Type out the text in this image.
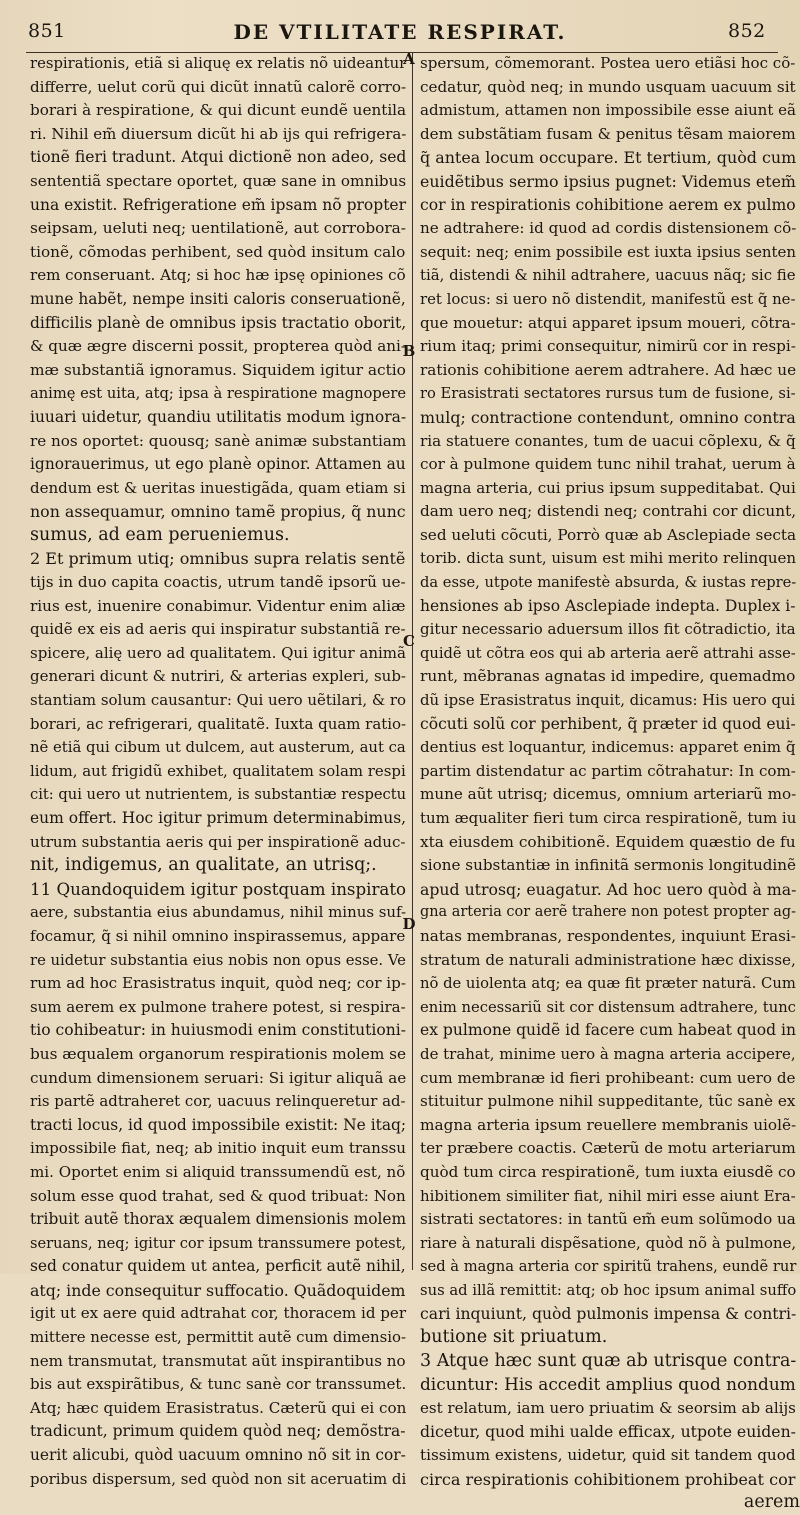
851	DE VTILITATE RESPIRAT.	852
A
B
C
D
respirationis, etiã si aliquę ex relatis nõ uideantur
differre, uelut corũ qui dicũt innatũ calorẽ corro-
borari à respiratione, & qui dicunt eundẽ uentila
ri. Nihil em̃ diuersum dicũt hi ab ijs qui refrigera-
tionẽ fieri tradunt. Atqui dictionẽ non adeo, sed
sententiã spectare oportet, quæ sane in omnibus
una existit. Refrigeratione em̃ ipsam nõ propter
seipsam, ueluti neq; uentilationẽ, aut corrobora-
tionẽ, cõmodas perhibent, sed quòd insitum calo
rem conseruant. Atq; si hoc hæ ipsę opiniones cõ
mune habẽt, nempe insiti caloris conseruationẽ,
difficilis planè de omnibus ipsis tractatio oborit,
& quæ ægre discerni possit, propterea quòd ani-
mæ substantiã ignoramus. Siquidem igitur actio
animę est uita, atq; ipsa à respiratione magnopere
iuuari uidetur, quandiu utilitatis modum ignora-
re nos oportet: quousq; sanè animæ substantiam
ignorauerimus, ut ego planè opinor. Attamen au
dendum est & ueritas inuestigãda, quam etiam si
non assequamur, omnino tamẽ propius, q̃ nunc
sumus, ad eam perueniemus.
2 Et primum utiq; omnibus supra relatis sentẽ
tijs in duo capita coactis, utrum tandẽ ipsorũ ue-
rius est, inuenire conabimur. Videntur enim aliæ
quidẽ ex eis ad aeris qui inspiratur substantiã re-
spicere, alię uero ad qualitatem. Qui igitur animã
generari dicunt & nutriri, & arterias expleri, sub-
stantiam solum causantur: Qui uero uẽtilari, & ro
borari, ac refrigerari, qualitatẽ. Iuxta quam ratio-
nẽ etiã qui cibum ut dulcem, aut austerum, aut ca
lidum, aut frigidũ exhibet, qualitatem solam respi
cit: qui uero ut nutrientem, is substantiæ respectu
eum offert. Hoc igitur primum determinabimus,
utrum substantia aeris qui per inspirationẽ aduc-
nit, indigemus, an qualitate, an utrisq;.
11 Quandoquidem igitur postquam inspirato
aere, substantia eius abundamus, nihil minus suf-
focamur, q̃ si nihil omnino inspirassemus, appare
re uidetur substantia eius nobis non opus esse. Ve
rum ad hoc Erasistratus inquit, quòd neq; cor ip-
sum aerem ex pulmone trahere potest, si respira-
tio cohibeatur: in huiusmodi enim constitutioni-
bus æqualem organorum respirationis molem se
cundum dimensionem seruari: Si igitur aliquã ae
ris partẽ adtraheret cor, uacuus relinqueretur ad-
tracti locus, id quod impossibile existit: Ne itaq;
impossibile fiat, neq; ab initio inquit eum transsu
mi. Oportet enim si aliquid transsumendũ est, nõ
solum esse quod trahat, sed & quod tribuat: Non
tribuit autẽ thorax æqualem dimensionis molem
seruans, neq; igitur cor ipsum transsumere potest,
sed conatur quidem ut antea, perficit autẽ nihil,
atq; inde consequitur suffocatio. Quãdoquidem
igit ut ex aere quid adtrahat cor, thoracem id per
mittere necesse est, permittit autẽ cum dimensio-
nem transmutat, transmutat aũt inspirantibus no
bis aut exspirãtibus, & tunc sanè cor transsumet.
Atq; hæc quidem Erasistratus. Cæterũ qui ei con
tradicunt, primum quidem quòd neq; demõstra-
uerit alicubi, quòd uacuum omnino nõ sit in cor-
poribus dispersum, sed quòd non sit aceruatim di
spersum, cõmemorant. Postea uero etiãsi hoc cõ-
cedatur, quòd neq; in mundo usquam uacuum sit
admistum, attamen non impossibile esse aiunt eã
dem substãtiam fusam & penitus tẽsam maiorem
q̃ antea locum occupare. Et tertium, quòd cum
euidẽtibus sermo ipsius pugnet: Videmus etem̃
cor in respirationis cohibitione aerem ex pulmo
ne adtrahere: id quod ad cordis distensionem cõ-
sequit: neq; enim possibile est iuxta ipsius senten
tiã, distendi & nihil adtrahere, uacuus nãq; sic fie
ret locus: si uero nõ distendit, manifestũ est q̃ ne-
que mouetur: atqui apparet ipsum moueri, cõtra-
rium itaq; primi consequitur, nimirũ cor in respi-
rationis cohibitione aerem adtrahere. Ad hæc ue
ro Erasistrati sectatores rursus tum de fusione, si-
mulq; contractione contendunt, omnino contra
ria statuere conantes, tum de uacui cõplexu, & q̃
cor à pulmone quidem tunc nihil trahat, uerum à
magna arteria, cui prius ipsum suppeditabat. Qui
dam uero neq; distendi neq; contrahi cor dicunt,
sed ueluti cõcuti, Porrò quæ ab Asclepiade secta
torib. dicta sunt, uisum est mihi merito relinquen
da esse, utpote manifestè absurda, & iustas repre-
hensiones ab ipso Asclepiade indepta. Duplex i-
gitur necessario aduersum illos fit cõtradictio, ita
quidẽ ut cõtra eos qui ab arteria aerẽ attrahi asse-
runt, mẽbranas agnatas id impedire, quemadmo
dũ ipse Erasistratus inquit, dicamus: His uero qui
cõcuti solũ cor perhibent, q̃ præter id quod eui-
dentius est loquantur, indicemus: apparet enim q̃
partim distendatur ac partim cõtrahatur: In com-
mune aũt utrisq; dicemus, omnium arteriarũ mo-
tum æqualiter fieri tum circa respirationẽ, tum iu
xta eiusdem cohibitionẽ. Equidem quæstio de fu
sione substantiæ in infinitã sermonis longitudinẽ
apud utrosq; euagatur. Ad hoc uero quòd à ma-
gna arteria cor aerẽ trahere non potest propter ag-
natas membranas, respondentes, inquiunt Erasi-
stratum de naturali administratione hæc dixisse,
nõ de uiolenta atq; ea quæ fit præter naturã. Cum
enim necessariũ sit cor distensum adtrahere, tunc
ex pulmone quidẽ id facere cum habeat quod in
de trahat, minime uero à magna arteria accipere,
cum membranæ id fieri prohibeant: cum uero de
stituitur pulmone nihil suppeditante, tũc sanè ex
magna arteria ipsum reuellere membranis uiolẽ-
ter præbere coactis. Cæterũ de motu arteriarum
quòd tum circa respirationẽ, tum iuxta eiusdẽ co
hibitionem similiter fiat, nihil miri esse aiunt Era-
sistrati sectatores: in tantũ em̃ eum solũmodo ua
riare à naturali dispẽsatione, quòd nõ à pulmone,
sed à magna arteria cor spiritũ trahens, eundẽ rur
sus ad illã remittit: atq; ob hoc ipsum animal suffo
cari inquiunt, quòd pulmonis impensa & contri-
butione sit priuatum.
3 Atque hæc sunt quæ ab utrisque contra-
dicuntur: His accedit amplius quod nondum
est relatum, iam uero priuatim & seorsim ab alijs
dicetur, quod mihi ualde efficax, utpote euiden-
tissimum existens, uidetur, quid sit tandem quod
circa respirationis cohibitionem prohibeat cor
aerem
